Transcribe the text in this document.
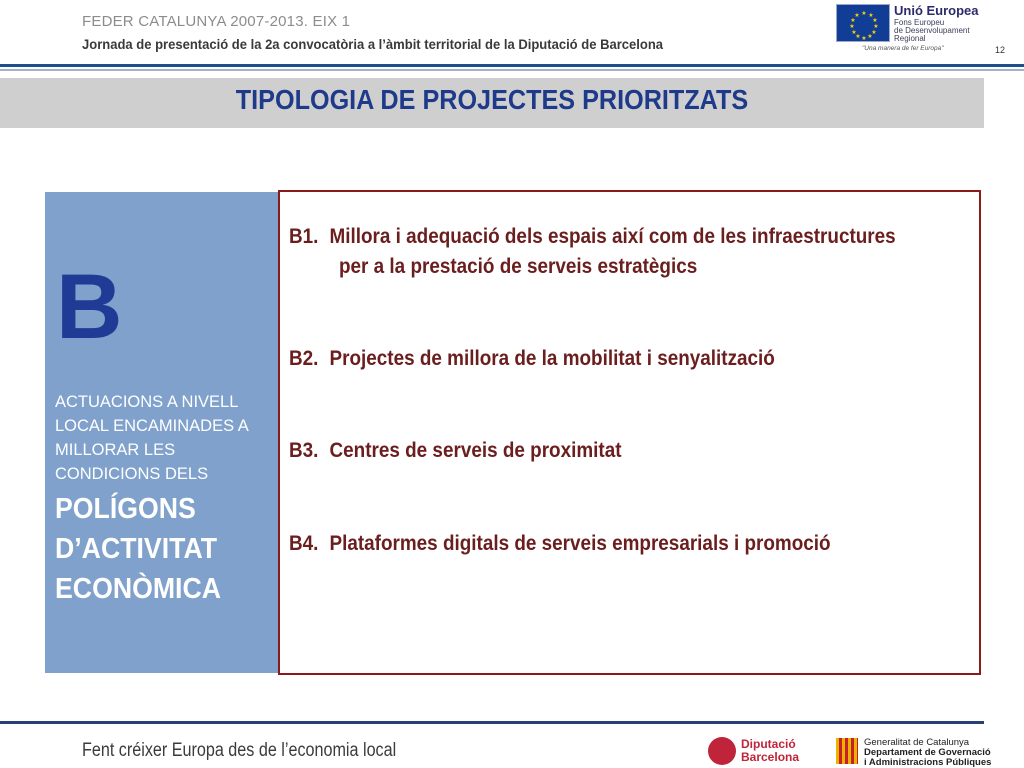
FEDER CATALUNYA 2007-2013. EIX 1
Jornada de presentació de la 2a convocatòria a l’àmbit territorial de la Diputació de Barcelona
★ ★
★
★
★
★
★
★
★
★
★
★	Unió Europea
Fons Europeu
de Desenvolupament
Regional
"Una manera de fer Europa"	12
TIPOLOGIA DE PROJECTES PRIORITZATS
B
ACTUACIONS A NIVELL LOCAL ENCAMINADES A MILLORAR LES CONDICIONS DELS
POLÍGONS D’ACTIVITAT ECONÒMICA
B1. Millora i adequació dels espais així com de les infraestructures
per a la prestació de serveis estratègics
B2. Projectes de millora de la mobilitat i senyalització
B3. Centres de serveis de proximitat
B4. Plataformes digitals de serveis empresarials i promoció
Fent créixer Europa des de l’economia local	Diputació
Barcelona
Generalitat de Catalunya
Departament de Governació
i Administracions Públiques
